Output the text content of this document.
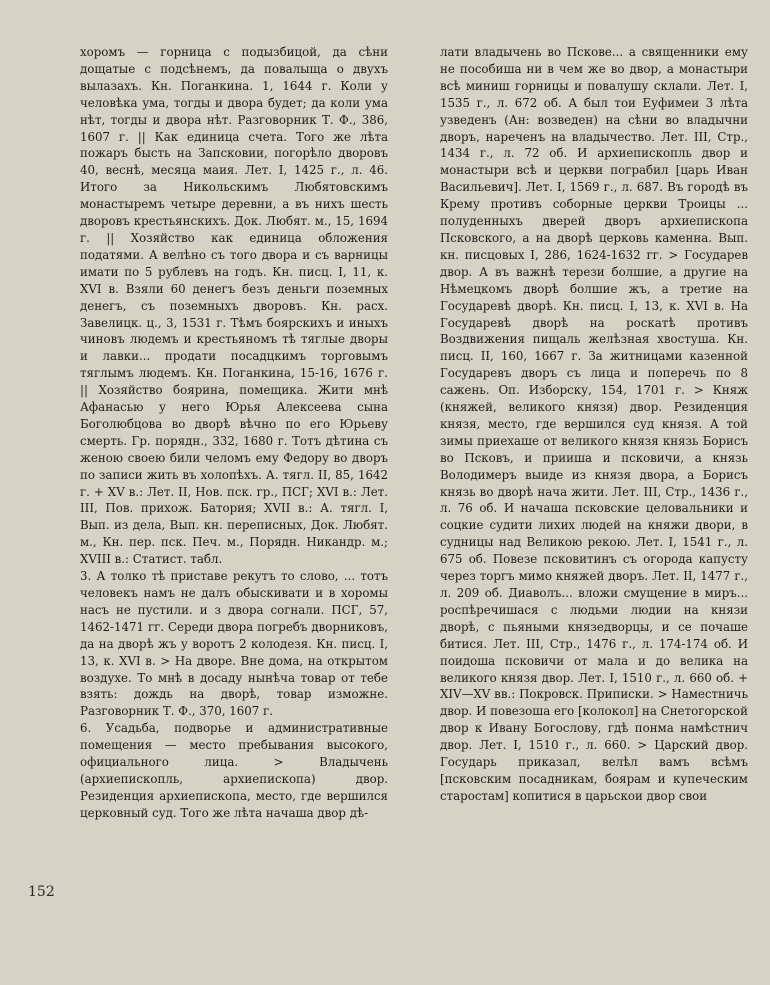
хоромъ — горница с подызбицой, да сѣни дощатые с подсѣнемъ, да повалыща о двухъ вылазахъ. Кн. Поганкина. 1, 1644 г. Коли у человѣка ума, тогды и двора будет; да коли ума нѣт, тогды и двора нѣт. Разговорник Т. Ф., 386, 1607 г. || Как единица счета. Того же лѣта пожаръ бысть на Запсковии, погорѣло дворовъ 40, веснѣ, месяца маия. Лет. I, 1425 г., л. 46. Итого за Никольскимъ Любятовскимъ монастыремъ четыре деревни, а въ нихъ шесть дворовъ крестьянскихъ. Док. Любят. м., 15, 1694 г. || Хозяйство как единица обложения податями. А велѣно съ того двора и съ варницы имати по 5 рублевъ на годъ. Кн. писц. I, 11, к. XVI в. Взяли 60 денегъ безъ деньги поземных денегъ, съ поземныхъ дворовъ. Кн. расх. Завелицк. ц., 3, 1531 г. Тѣмъ боярскихъ и иныхъ чиновъ людемъ и крестьяномъ тѣ тяглые дворы и лавки... продати посадцкимъ торговымъ тяглымъ людемъ. Кн. Поганкина, 15-16, 1676 г. || Хозяйство боярина, помещика. Жити мнѣ Афанасью у него Юрья Алексеева сына Боголюбцова во дворѣ вѣчно по его Юрьеву смерть. Гр. порядн., 332, 1680 г. Тотъ дѣтина съ женою своею били челомъ ему Федору во дворъ по записи жить въ холопѣхъ. А. тягл. II, 85, 1642 г. + XV в.: Лет. II, Нов. пск. гр., ПСГ; XVI в.: Лет. III, Пов. прихож. Батория; XVII в.: А. тягл. I, Вып. из дела, Вып. кн. переписных, Док. Любят. м., Кн. пер. пск. Печ. м., Порядн. Никандр. м.; XVIII в.: Статист. табл.

3. А толко тѣ приставе рекутъ то слово, ... тотъ человекъ намъ не далъ обыскивати и в хоромы насъ не пустили. и з двора согнали. ПСГ, 57, 1462-1471 гг. Середи двора погребъ дворниковъ, да на дворѣ жъ у воротъ 2 колодезя. Кн. писц. I, 13, к. XVI в. > На дворе. Вне дома, на открытом воздухе. То мнѣ в досаду нынѣча товар от тебе взять: дождь на дворѣ, товар изможне. Разговорник Т. Ф., 370, 1607 г.

6. Усадьба, подворье и административные помещения — место пребывания высокого, официального лица. > Владычень (архиепископль, архиепископа) двор. Резиденция архиепископа, место, где вершился церковный суд. Того же лѣта начаша двор дѣ-

лати владычень во Пскове... а священники ему не пособиша ни в чем же во двор, а монастыри всѣ миниш горницы и повалушу склали. Лет. I, 1535 г., л. 672 об. А был тои Еуфимеи 3 лѣта узведенъ (Ан: возведен) на сѣни во владычни дворъ, нареченъ на владычество. Лет. III, Стр., 1434 г., л. 72 об. И архиепископль двор и монастыри всѣ и церкви пограбил [царь Иван Васильевич]. Лет. I, 1569 г., л. 687. Въ городѣ въ Крему противъ соборные церкви Троицы ... полуденныхъ дверей дворъ архиепископа Псковского, а на дворѣ церковь каменна. Вып. кн. писцовых I, 286, 1624-1632 гг. > Государев двор. А въ важнѣ терези болшие, а другие на Нѣмецкомъ дворѣ болшие жъ, а третие на Государевѣ дворѣ. Кн. писц. I, 13, к. XVI в. На Государевѣ дворѣ на роскатѣ противъ Воздвижения пищаль желѣзная хвостуша. Кн. писц. II, 160, 1667 г. За житницами казенной Государевъ дворъ съ лица и поперечь по 8 сажень. Оп. Изборску, 154, 1701 г. > Княж (княжей, великого князя) двор. Резиденция князя, место, где вершился суд князя. А той зимы приехаше от великого князя князь Борисъ во Псковъ, и прииша и псковичи, а князь Володимеръ выиде из князя двора, а Борисъ князь во дворѣ нача жити. Лет. III, Стр., 1436 г., л. 76 об. И начаша псковские целовальники и соцкие судити лихих людей на княжи двори, в судницы над Великою рекою. Лет. I, 1541 г., л. 675 об. Повезе псковитинъ съ огорода капусту через торгъ мимо княжей дворъ. Лет. II, 1477 г., л. 209 об. Диаволъ... вложи смущение в миръ... роспѣречишася с людьми людии на князи дворѣ, с пьяными князедворцы, и се почаше битися. Лет. III, Стр., 1476 г., л. 174-174 об. И поидоша псковичи от мала и до велика на великого князя двор. Лет. I, 1510 г., л. 660 об. + XIV—XV вв.: Покровск. Приписки. > Наместничь двор. И повезоша его [колокол] на Снетогорской двор к Ивану Богослову, гдѣ понма намѣстнич двор. Лет. I, 1510 г., л. 660. > Царский двор. Государь приказал, велѣл вамъ всѣмъ [псковским посадникам, боярам и купеческим старостам] копитися в царьскои двор свои

152
